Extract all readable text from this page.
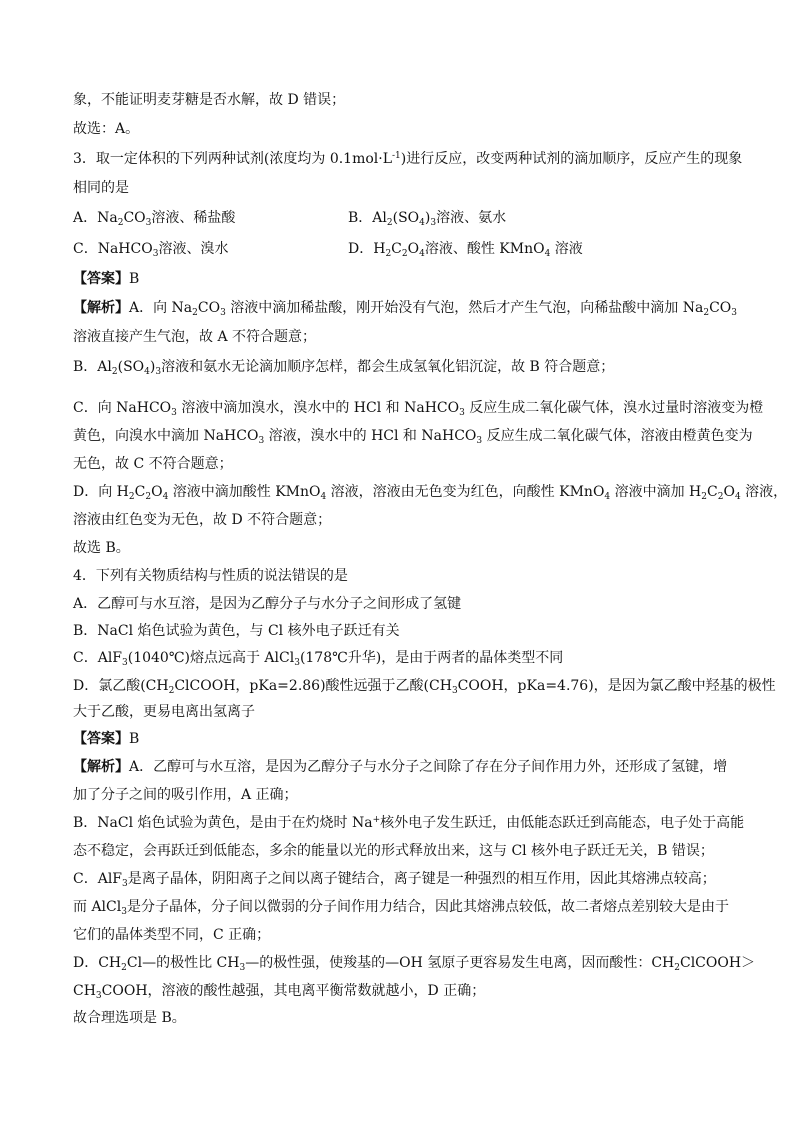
象，不能证明麦芽糖是否水解，故 D 错误；
故选：A。
3．取一定体积的下列两种试剂(浓度均为 $0.1mol\cdot L^{-1}$)进行反应，改变两种试剂的滴加顺序，反应产生的现象
相同的是
A．$Na_2CO_3$溶液、稀盐酸	B．$Al_2(SO_4)_3$溶液、氨水
C．NaHCO$_3$溶液、溴水	D．$H_2C_2O_4$溶液、酸性 KMnO$_4$ 溶液
【答案】B
【解析】A．向 $Na_2CO_3$ 溶液中滴加稀盐酸，刚开始没有气泡，然后才产生气泡，向稀盐酸中滴加 $Na_2CO_3$
溶液直接产生气泡，故 A 不符合题意；
B．$Al_2(SO_4)_3$溶液和氨水无论滴加顺序怎样，都会生成氢氧化铝沉淀，故 B 符合题意；
C．向 NaHCO$_3$ 溶液中滴加溴水，溴水中的 HCl 和 NaHCO$_3$ 反应生成二氧化碳气体，溴水过量时溶液变为橙
黄色，向溴水中滴加 NaHCO$_3$ 溶液，溴水中的 HCl 和 NaHCO$_3$ 反应生成二氧化碳气体，溶液由橙黄色变为
无色，故 C 不符合题意；
D．向 $H_2C_2O_4$ 溶液中滴加酸性 KMnO$_4$ 溶液，溶液由无色变为红色，向酸性 KMnO$_4$ 溶液中滴加 $H_2C_2O_4$ 溶液，
溶液由红色变为无色，故 D 不符合题意；
故选 B。
4．下列有关物质结构与性质的说法错误的是
A．乙醇可与水互溶，是因为乙醇分子与水分子之间形成了氢键
B．NaCl 焰色试验为黄色，与 Cl 核外电子跃迁有关
C．AlF$_3$(1040℃)熔点远高于 AlCl$_3$(178℃升华)，是由于两者的晶体类型不同
D．氯乙酸($CH_2ClCOOH$，pKa=2.86)酸性远强于乙酸($CH_3COOH$，pKa=4.76)，是因为氯乙酸中羟基的极性
大于乙酸，更易电离出氢离子
【答案】B
【解析】A．乙醇可与水互溶，是因为乙醇分子与水分子之间除了存在分子间作用力外，还形成了氢键，增
加了分子之间的吸引作用，A 正确；
B．NaCl 焰色试验为黄色，是由于在灼烧时 Na+核外电子发生跃迁，由低能态跃迁到高能态，电子处于高能
态不稳定，会再跃迁到低能态，多余的能量以光的形式释放出来，这与 Cl 核外电子跃迁无关，B 错误；
C．AlF$_3$是离子晶体，阴阳离子之间以离子键结合，离子键是一种强烈的相互作用，因此其熔沸点较高；
而 AlCl$_3$是分子晶体，分子间以微弱的分子间作用力结合，因此其熔沸点较低，故二者熔点差别较大是由于
它们的晶体类型不同，C 正确；
D．$CH_2Cl—$的极性比 $CH_3—$的极性强，使羧基的—OH 氢原子更容易发生电离，因而酸性：$CH_2ClCOOH>$
$CH_3COOH$，溶液的酸性越强，其电离平衡常数就越小，D 正确；
故合理选项是 B。
